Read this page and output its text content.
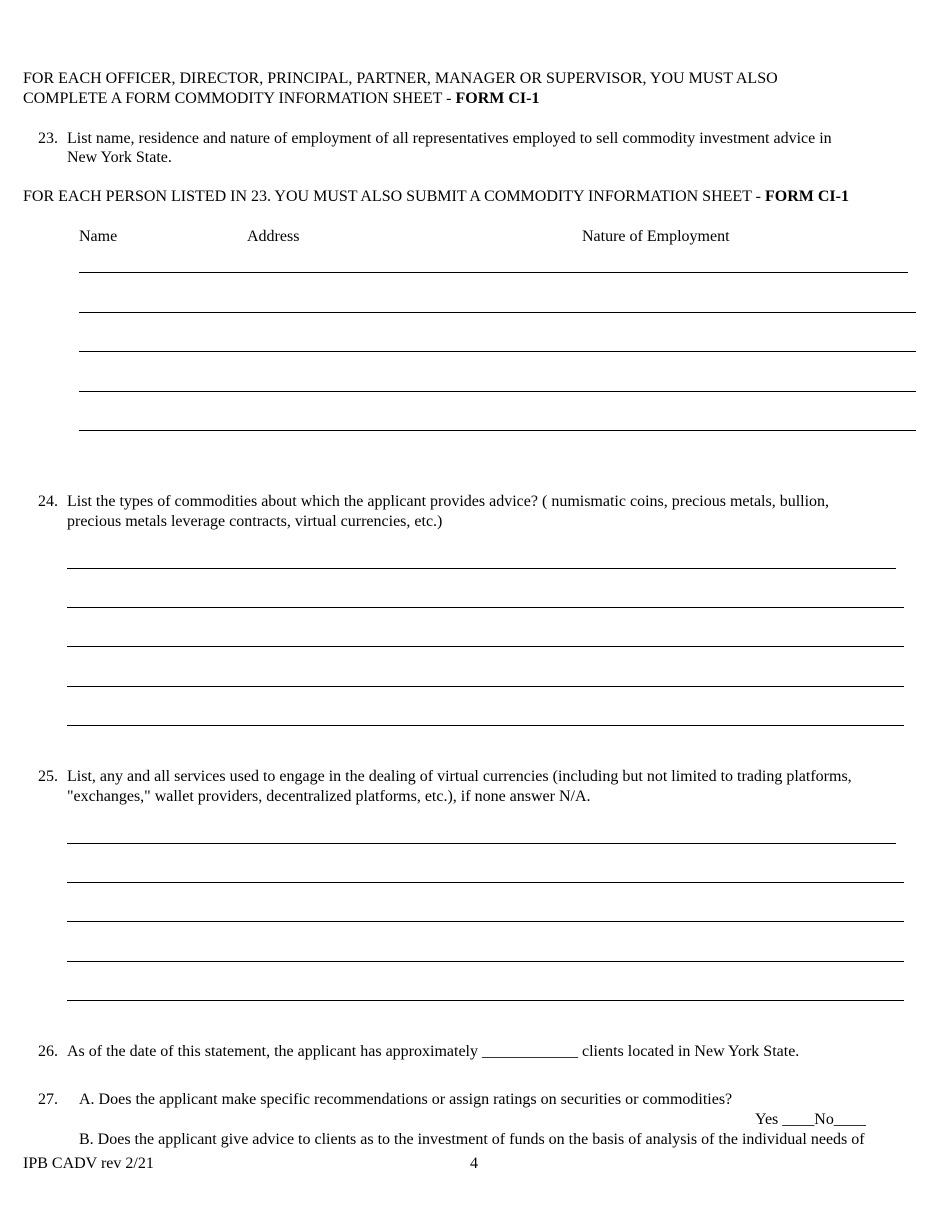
FOR EACH OFFICER, DIRECTOR, PRINCIPAL, PARTNER, MANAGER OR SUPERVISOR, YOU MUST ALSO
COMPLETE A FORM COMMODITY INFORMATION SHEET - FORM CI-1
23. List name, residence and nature of employment of all representatives employed to sell commodity investment advice in
New York State.
FOR EACH PERSON LISTED IN 23. YOU MUST ALSO SUBMIT A COMMODITY INFORMATION SHEET - FORM CI-1
Name	Address	Nature of Employment
24. List the types of commodities about which the applicant provides advice? ( numismatic coins, precious metals, bullion,
precious metals leverage contracts, virtual currencies, etc.)
25. List, any and all services used to engage in the dealing of virtual currencies (including but not limited to trading platforms,
"exchanges," wallet providers, decentralized platforms, etc.), if none answer N/A.
26. As of the date of this statement, the applicant has approximately ____________ clients located in New York State.
27. A. Does the applicant make specific recommendations or assign ratings on securities or commodities?
Yes ____No____
B. Does the applicant give advice to clients as to the investment of funds on the basis of analysis of the individual needs of
IPB CADV rev 2/21	4
